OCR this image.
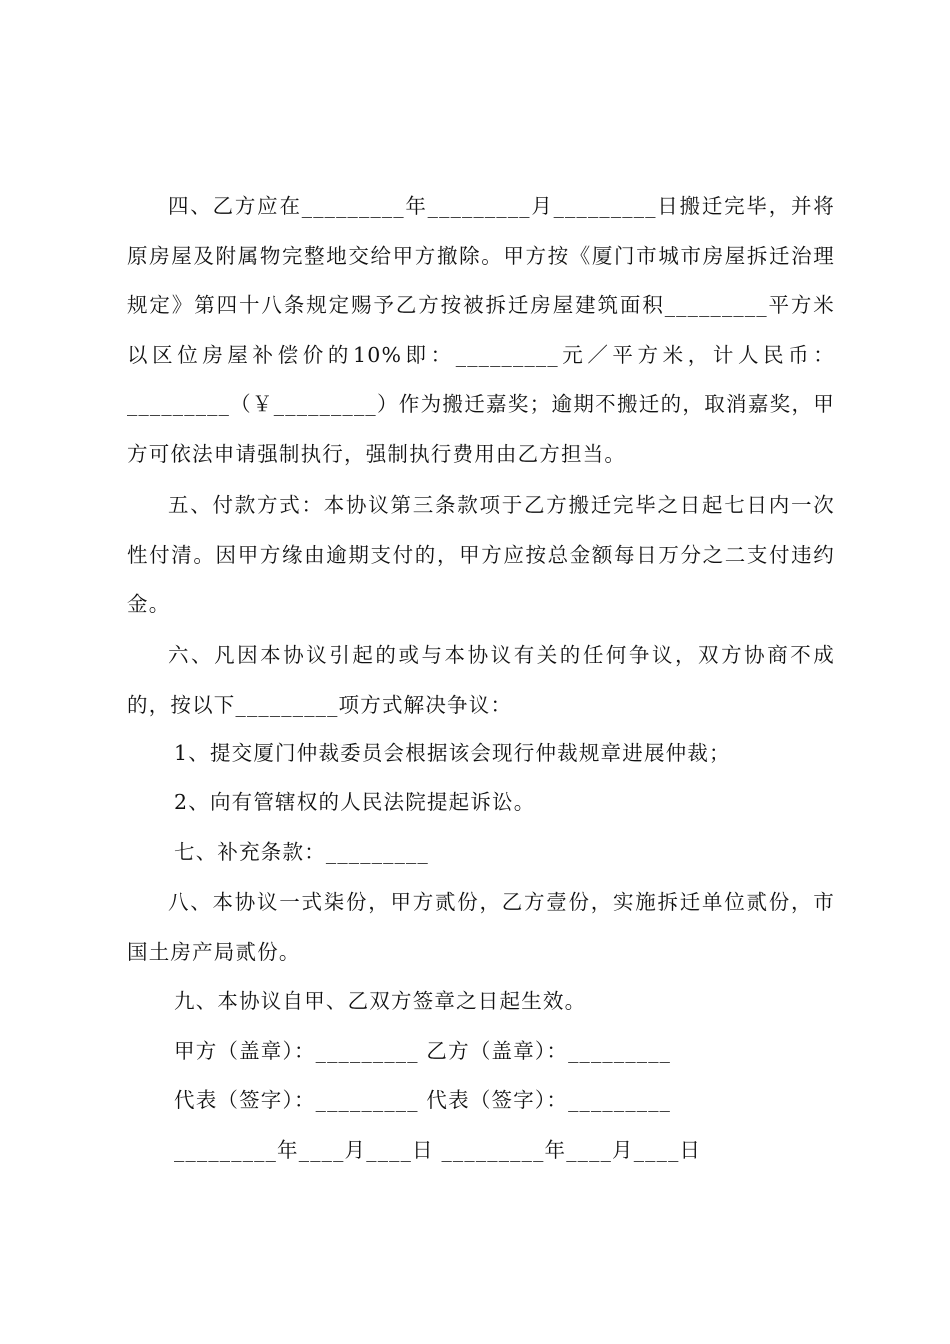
四、乙方应在_________年_________月_________日搬迁完毕，并将原房屋及附属物完整地交给甲方撤除。甲方按《厦门市城市房屋拆迁治理规定》第四十八条规定赐予乙方按被拆迁房屋建筑面积_________平方米以区位房屋补偿价的10%即：_________元／平方米，计人民币：_________（￥_________）作为搬迁嘉奖；逾期不搬迁的，取消嘉奖，甲方可依法申请强制执行，强制执行费用由乙方担当。

五、付款方式：本协议第三条款项于乙方搬迁完毕之日起七日内一次性付清。因甲方缘由逾期支付的，甲方应按总金额每日万分之二支付违约金。

六、凡因本协议引起的或与本协议有关的任何争议，双方协商不成的，按以下_________项方式解决争议：

1、提交厦门仲裁委员会根据该会现行仲裁规章进展仲裁；
2、向有管辖权的人民法院提起诉讼。
七、补充条款：_________

八、本协议一式柒份，甲方贰份，乙方壹份，实施拆迁单位贰份，市国土房产局贰份。

九、本协议自甲、乙双方签章之日起生效。
甲方（盖章）：_________ 乙方（盖章）：_________
代表（签字）：_________ 代表（签字）：_________
_________年____月____日 _________年____月____日
